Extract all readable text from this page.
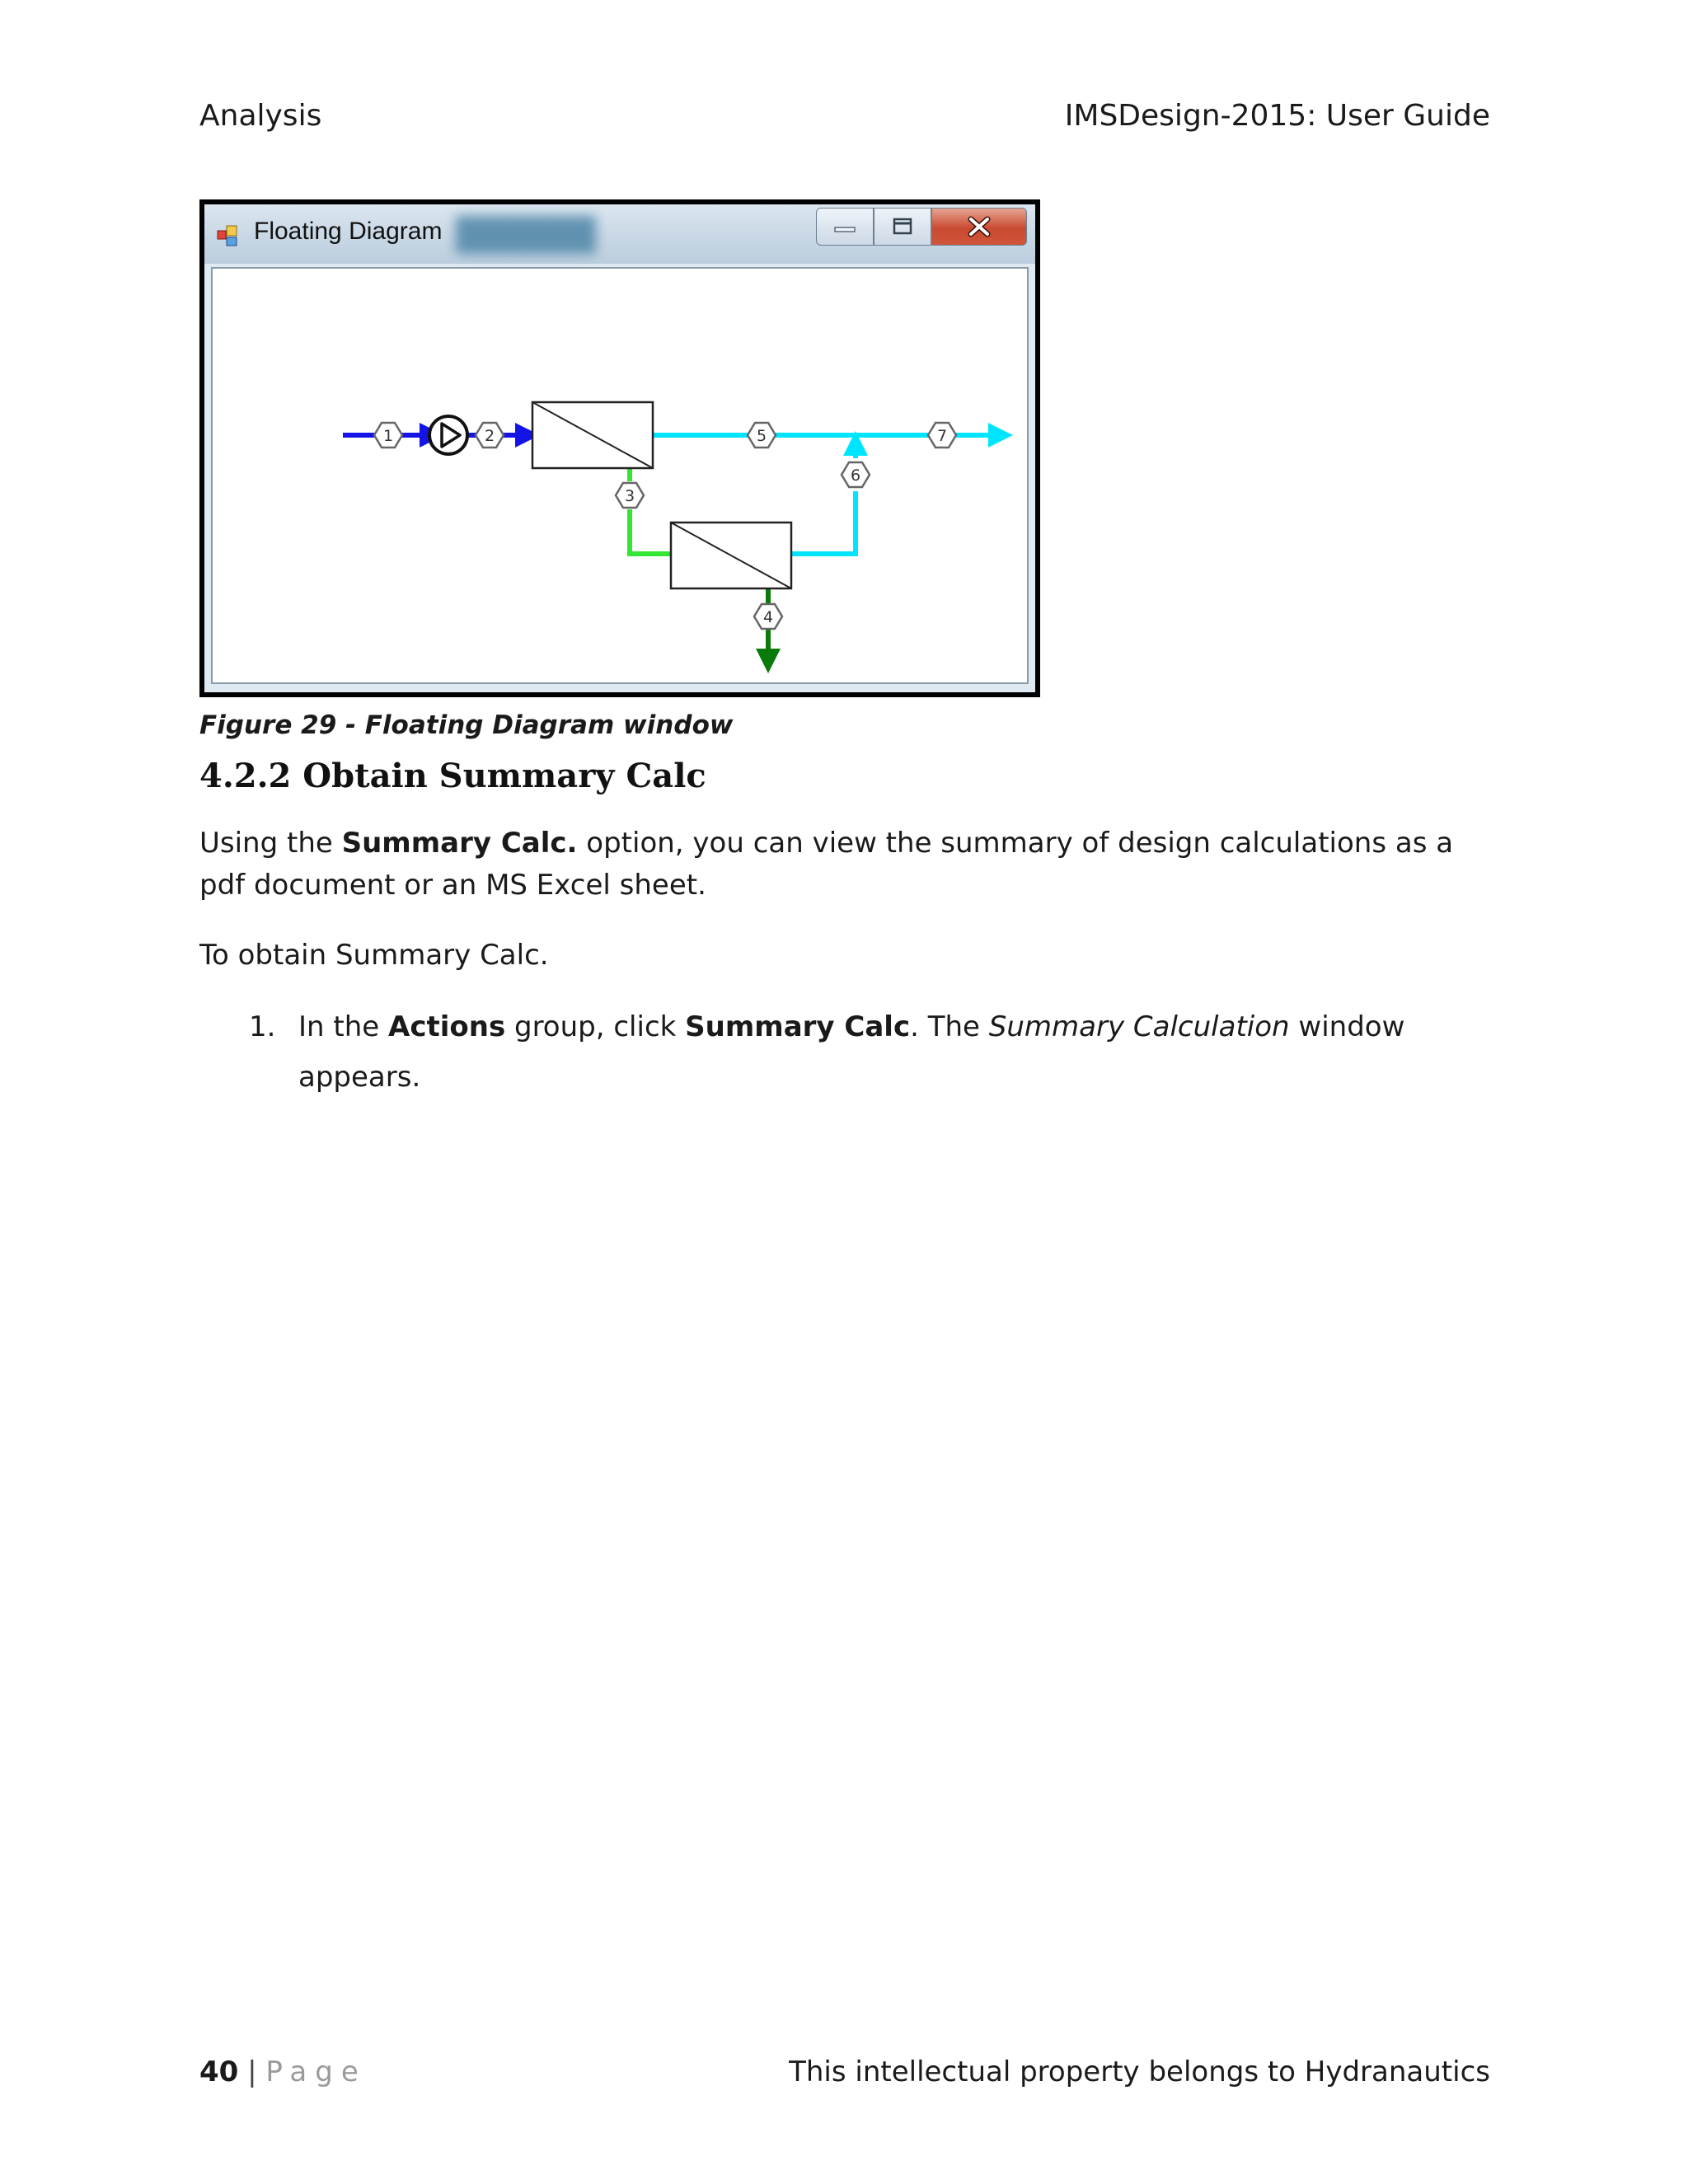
Analysis	IMSDesign-2015: User Guide
Floating Diagram
1	2
3
4
5
6
7
Figure 29 - Floating Diagram window
4.2.2 Obtain Summary Calc
Using the Summary Calc. option, you can view the summary of design calculations as a pdf document or an MS Excel sheet.
To obtain Summary Calc.
1. In the Actions group, click Summary Calc. The Summary Calculation window appears.
40 | Page	This intellectual property belongs to Hydranautics
